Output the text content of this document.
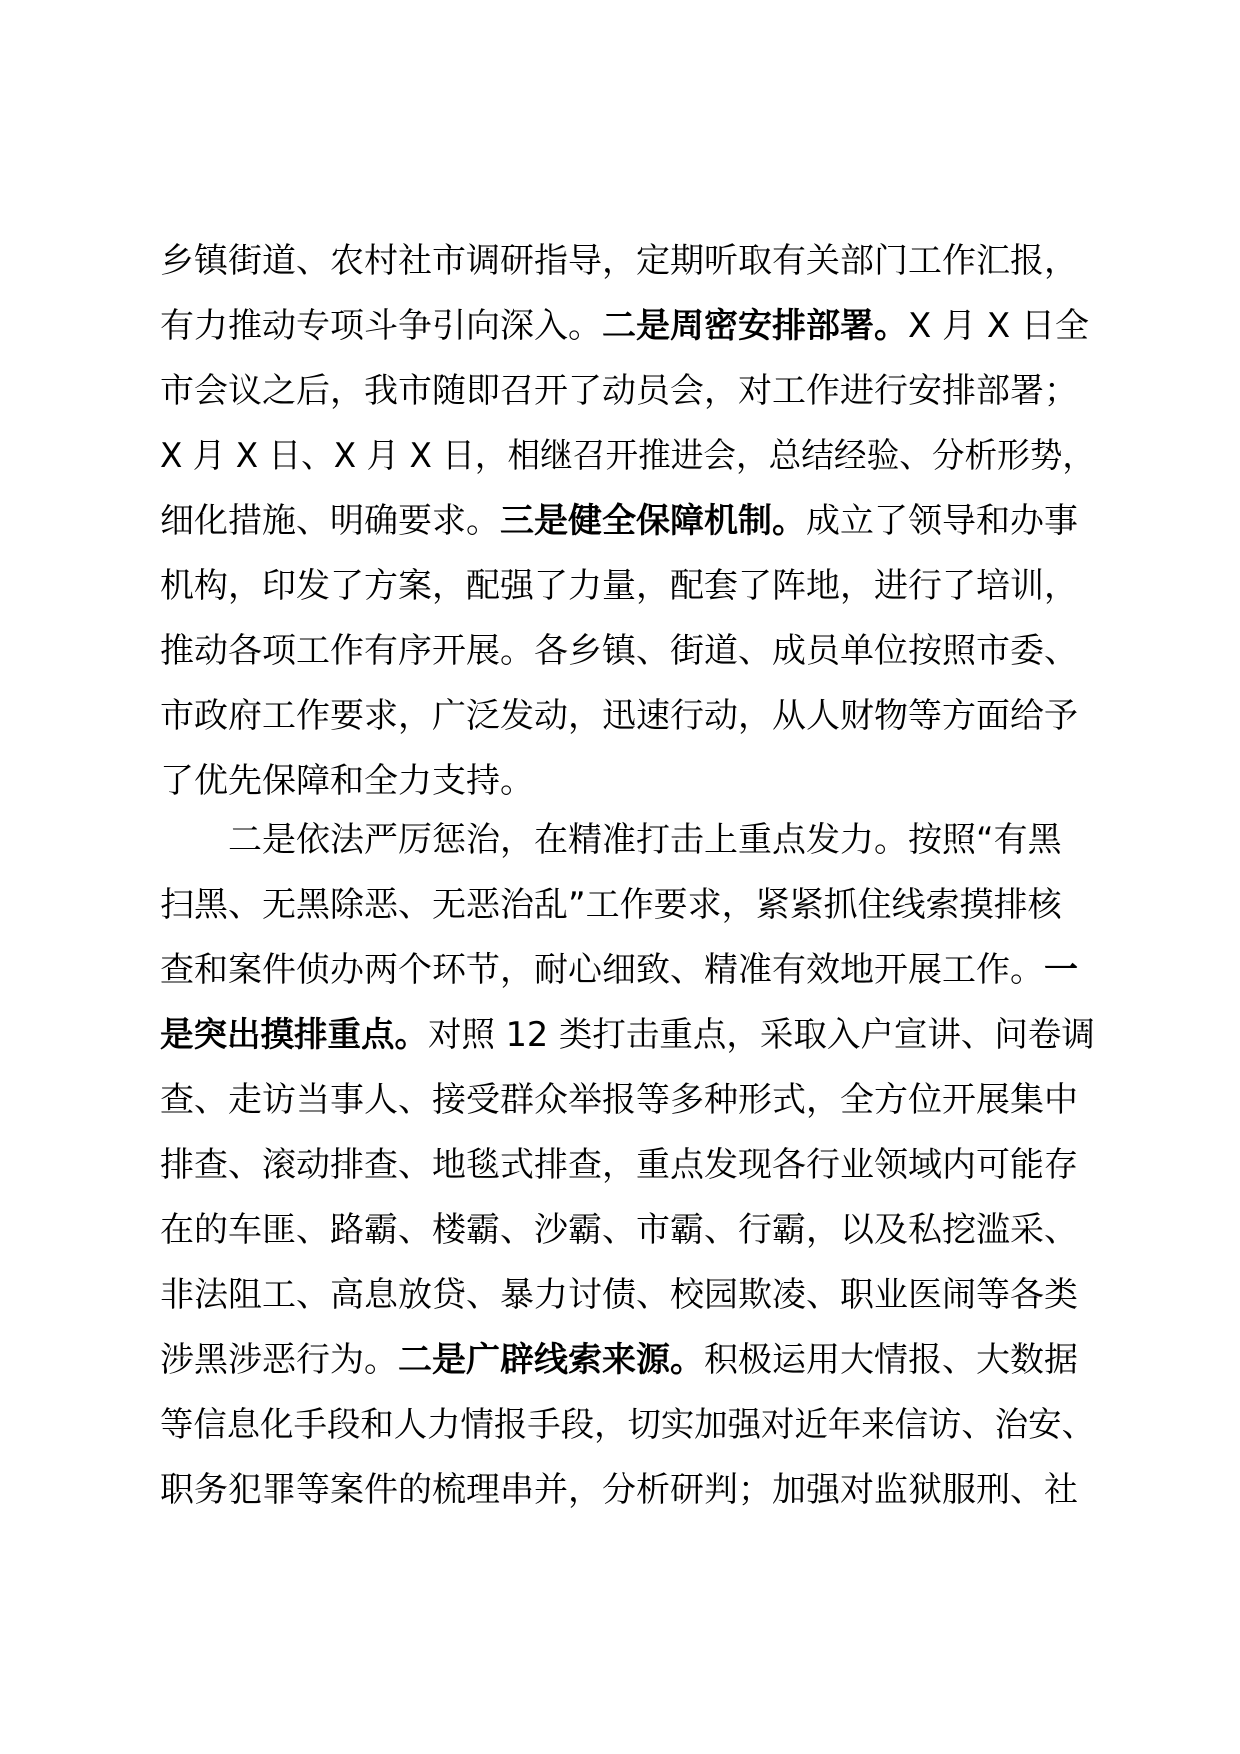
乡镇街道、农村社市调研指导，定期听取有关部门工作汇报，
有力推动专项斗争引向深入。二是周密安排部署。X 月 X 日全
市会议之后，我市随即召开了动员会，对工作进行安排部署；
X 月 X 日、X 月 X 日，相继召开推进会，总结经验、分析形势，
细化措施、明确要求。三是健全保障机制。成立了领导和办事
机构，印发了方案，配强了力量，配套了阵地，进行了培训，
推动各项工作有序开展。各乡镇、街道、成员单位按照市委、
市政府工作要求，广泛发动，迅速行动，从人财物等方面给予
了优先保障和全力支持。
二是依法严厉惩治，在精准打击上重点发力。按照“有黑
扫黑、无黑除恶、无恶治乱”工作要求，紧紧抓住线索摸排核
查和案件侦办两个环节，耐心细致、精准有效地开展工作。一
是突出摸排重点。对照 12 类打击重点，采取入户宣讲、问卷调
查、走访当事人、接受群众举报等多种形式，全方位开展集中
排查、滚动排查、地毯式排查，重点发现各行业领域内可能存
在的车匪、路霸、楼霸、沙霸、市霸、行霸，以及私挖滥采、
非法阻工、高息放贷、暴力讨债、校园欺凌、职业医闹等各类
涉黑涉恶行为。二是广辟线索来源。积极运用大情报、大数据
等信息化手段和人力情报手段，切实加强对近年来信访、治安、
职务犯罪等案件的梳理串并，分析研判；加强对监狱服刑、社
